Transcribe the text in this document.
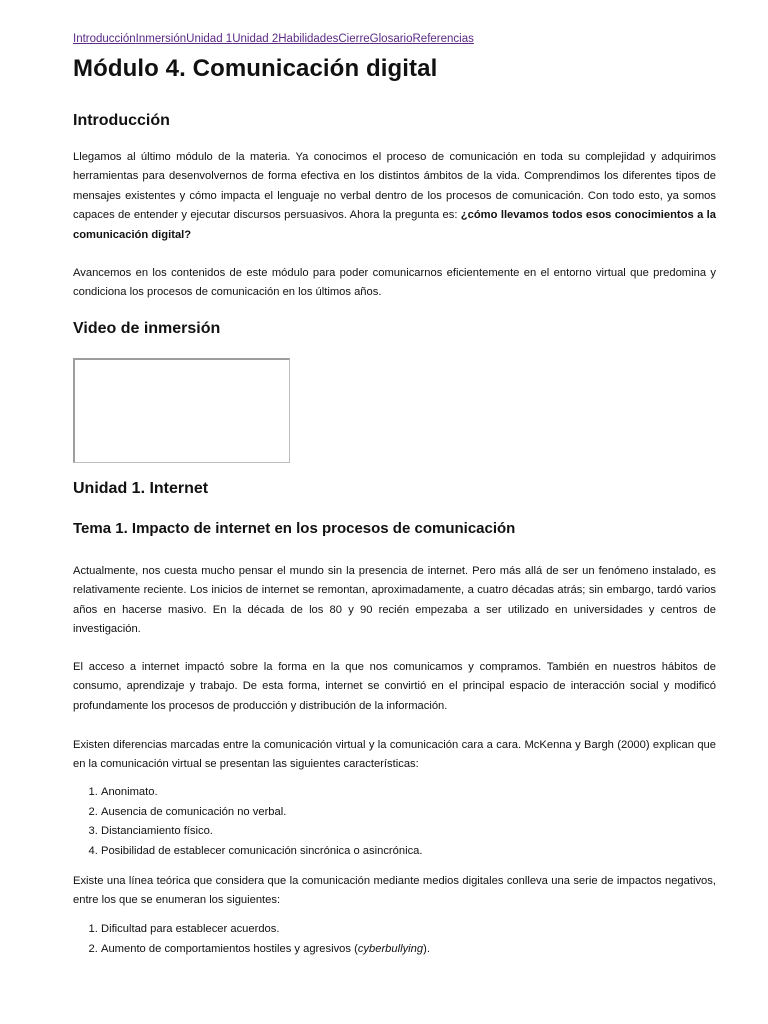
IntroducciónInmersiónUnidad 1Unidad 2HabilidadesCierreGlosarioReferencias
Módulo 4. Comunicación digital
Introducción

Llegamos al último módulo de la materia. Ya conocimos el proceso de comunicación en toda su complejidad y adquirimos herramientas para desenvolvernos de forma efectiva en los distintos ámbitos de la vida. Comprendimos los diferentes tipos de mensajes existentes y cómo impacta el lenguaje no verbal dentro de los procesos de comunicación. Con todo esto, ya somos capaces de entender y ejecutar discursos persuasivos. Ahora la pregunta es: ¿cómo llevamos todos esos conocimientos a la comunicación digital?

Avancemos en los contenidos de este módulo para poder comunicarnos eficientemente en el entorno virtual que predomina y condiciona los procesos de comunicación en los últimos años.

Video de inmersión
Unidad 1. Internet
Tema 1. Impacto de internet en los procesos de comunicación

Actualmente, nos cuesta mucho pensar el mundo sin la presencia de internet. Pero más allá de ser un fenómeno instalado, es relativamente reciente. Los inicios de internet se remontan, aproximadamente, a cuatro décadas atrás; sin embargo, tardó varios años en hacerse masivo. En la década de los 80 y 90 recién empezaba a ser utilizado en universidades y centros de investigación.

El acceso a internet impactó sobre la forma en la que nos comunicamos y compramos. También en nuestros hábitos de consumo, aprendizaje y trabajo. De esta forma, internet se convirtió en el principal espacio de interacción social y modificó profundamente los procesos de producción y distribución de la información.

Existen diferencias marcadas entre la comunicación virtual y la comunicación cara a cara. McKenna y Bargh (2000) explican que en la comunicación virtual se presentan las siguientes características:

1. Anonimato.
2. Ausencia de comunicación no verbal.
3. Distanciamiento físico.
4. Posibilidad de establecer comunicación sincrónica o asincrónica.

Existe una línea teórica que considera que la comunicación mediante medios digitales conlleva una serie de impactos negativos, entre los que se enumeran los siguientes:

1. Dificultad para establecer acuerdos.
2. Aumento de comportamientos hostiles y agresivos (cyberbullying).
